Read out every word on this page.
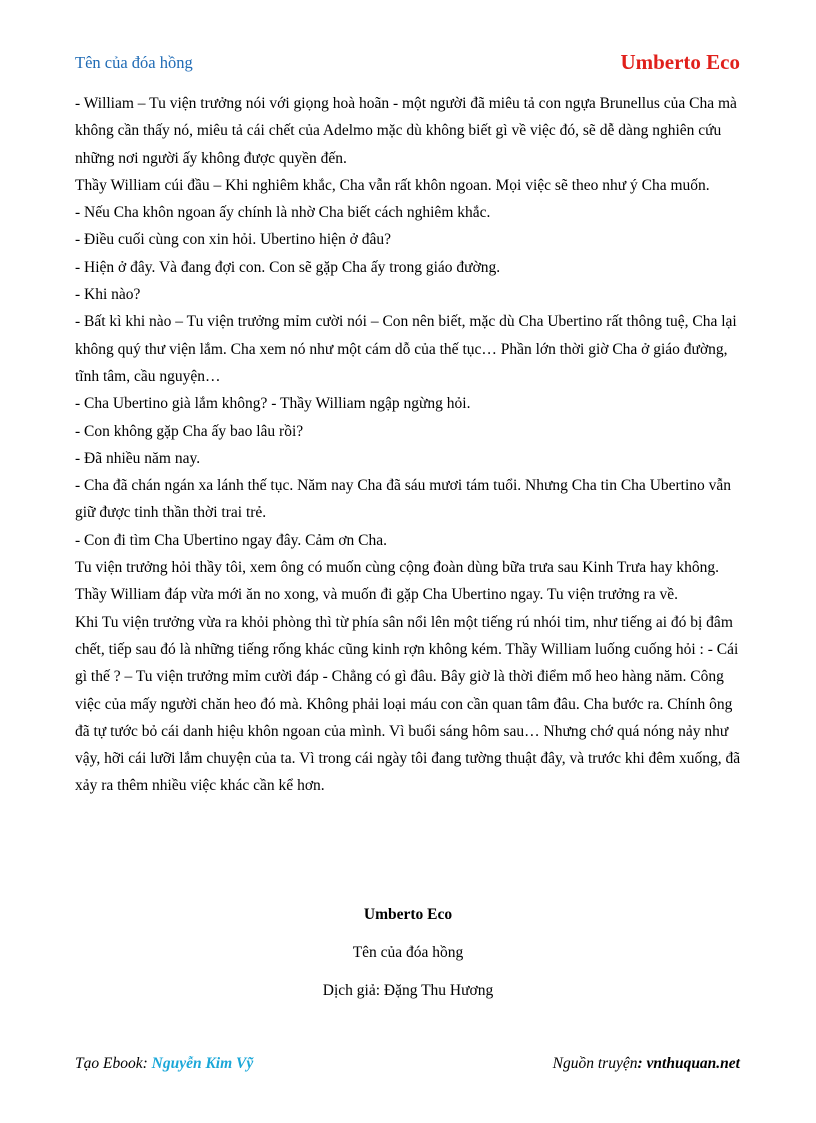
Tên của đóa hồng	Umberto Eco

- William – Tu viện trưởng nói với giọng hoà hoãn - một người đã miêu tả con ngựa Brunellus của Cha mà không cần thấy nó, miêu tả cái chết của Adelmo mặc dù không biết gì về việc đó, sẽ dễ dàng nghiên cứu những nơi người ấy không được quyền đến.

Thầy William cúi đầu – Khi nghiêm khắc, Cha vẫn rất khôn ngoan. Mọi việc sẽ theo như ý Cha muốn.

- Nếu Cha khôn ngoan ấy chính là nhờ Cha biết cách nghiêm khắc.

- Điều cuối cùng con xin hỏi. Ubertino hiện ở đâu?

- Hiện ở đây. Và đang đợi con. Con sẽ gặp Cha ấy trong giáo đường.

- Khi nào?

- Bất kì khi nào – Tu viện trưởng mỉm cười nói – Con nên biết, mặc dù Cha Ubertino rất thông tuệ, Cha lại không quý thư viện lắm. Cha xem nó như một cám dỗ của thế tục… Phần lớn thời giờ Cha ở giáo đường, tĩnh tâm, cầu nguyện…

- Cha Ubertino già lắm không? - Thầy William ngập ngừng hỏi.

- Con không gặp Cha ấy bao lâu rồi?

- Đã nhiều năm nay.

- Cha đã chán ngán xa lánh thế tục. Năm nay Cha đã sáu mươi tám tuổi. Nhưng Cha tin Cha Ubertino vẫn giữ được tinh thần thời trai trẻ.

- Con đi tìm Cha Ubertino ngay đây. Cảm ơn Cha.

Tu viện trưởng hỏi thầy tôi, xem ông có muốn cùng cộng đoàn dùng bữa trưa sau Kinh Trưa hay không. Thầy William đáp vừa mới ăn no xong, và muốn đi gặp Cha Ubertino ngay. Tu viện trưởng ra về.

Khi Tu viện trưởng vừa ra khỏi phòng thì từ phía sân nổi lên một tiếng rú nhói tim, như tiếng ai đó bị đâm chết, tiếp sau đó là những tiếng rống khác cũng kinh rợn không kém. Thầy William luống cuống hỏi : - Cái gì thế ? – Tu viện trưởng mỉm cười đáp - Chẳng có gì đâu. Bây giờ là thời điểm mổ heo hàng năm. Công việc của mấy người chăn heo đó mà. Không phải loại máu con cần quan tâm đâu. Cha bước ra. Chính ông đã tự tước bỏ cái danh hiệu khôn ngoan của mình. Vì buổi sáng hôm sau… Nhưng chớ quá nóng nảy như vậy, hỡi cái lưỡi lắm chuyện của ta. Vì trong cái ngày tôi đang tường thuật đây, và trước khi đêm xuống, đã xảy ra thêm nhiều việc khác cần kể hơn.

Umberto Eco
Tên của đóa hồng
Dịch giả: Đặng Thu Hương
Tạo Ebook: Nguyễn Kim Vỹ	Nguồn truyện: vnthuquan.net
